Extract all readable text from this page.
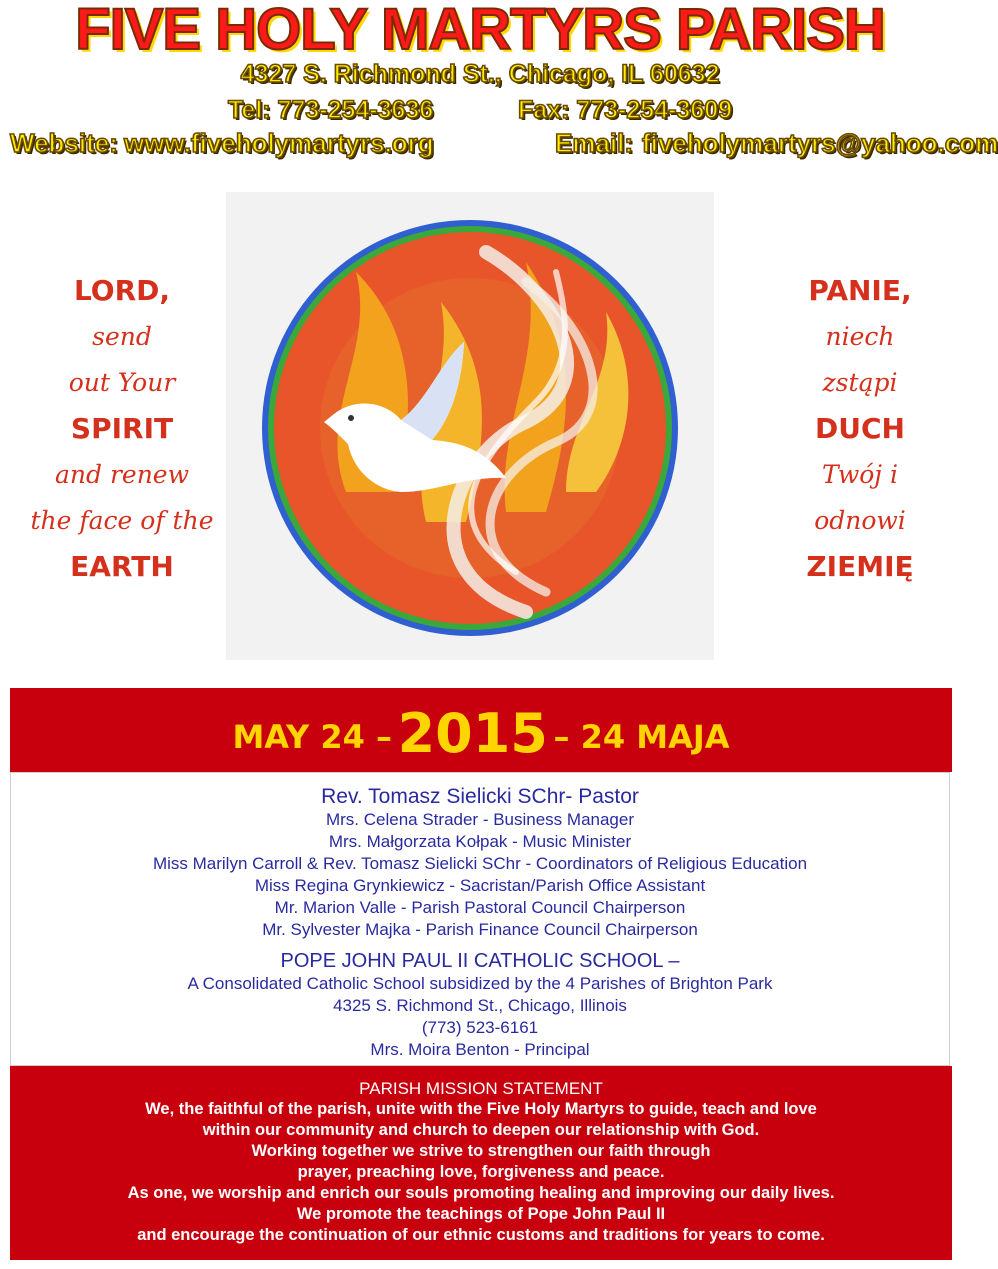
FIVE HOLY MARTYRS PARISH

4327 S. Richmond St., Chicago, IL 60632

Tel: 773-254-3636	Fax: 773-254-3609

Website: www.fiveholymartyrs.org	Email: fiveholymartyrs@yahoo.com

LORD,

send

out Your

SPIRIT

and renew

the face of the

EARTH

PANIE,

niech

zstąpi

DUCH

Twój i

odnowi

ZIEMIĘ

MAY 24 – 2015 – 24 MAJA

Rev. Tomasz Sielicki SChr- Pastor

Mrs. Celena Strader - Business Manager

Mrs. Małgorzata Kołpak - Music Minister

Miss Marilyn Carroll & Rev. Tomasz Sielicki SChr - Coordinators of Religious Education

Miss Regina Grynkiewicz - Sacristan/Parish Office Assistant

Mr. Marion Valle - Parish Pastoral Council Chairperson

Mr. Sylvester Majka - Parish Finance Council Chairperson

POPE JOHN PAUL II CATHOLIC SCHOOL –

A Consolidated Catholic School subsidized by the 4 Parishes of Brighton Park

4325 S. Richmond St., Chicago, Illinois

(773) 523-6161

Mrs. Moira Benton - Principal

PARISH MISSION STATEMENT

We, the faithful of the parish, unite with the Five Holy Martyrs to guide, teach and love

within our community and church to deepen our relationship with God.

Working together we strive to strengthen our faith through

prayer, preaching love, forgiveness and peace.

As one, we worship and enrich our souls promoting healing and improving our daily lives.

We promote the teachings of Pope John Paul II

and encourage the continuation of our ethnic customs and traditions for years to come.
